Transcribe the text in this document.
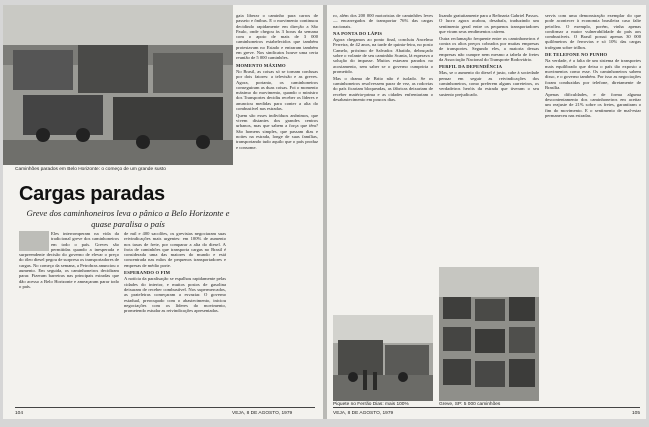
Caminhões parados em Belo Horizonte: o começo de um grande susto
Cargas paradas
Greve dos caminhoneiros leva o pânico a Belo Horizonte e quase paralisa o país

Eles interromperam na vida da tradicional greve dos caminhoneiros em todo o país. Greves são permitidas quando a inesperada e surpreendente decisão do governo de elevar o preço do óleo diesel pegou de surpresa os transportadores de cargas. No começo da semana, a Petrobras anunciou o aumento. Em seguida, os caminhoneiros decidiram parar. Fizeram barreiras nas principais estradas que dão acesso a Belo Horizonte e ameaçaram parar todo o país.

de mil e 400 sacolões, os grevistas negociaram suas reivindicações mais urgentes: em 100% de aumento nos taxas de frete, por comparar a alta do diesel. A frota de caminhões que transporta cargas no Brasil é considerada uma das maiores do mundo e está concentrada nas mãos de pequenos transportadores e empresas de médio porte.

ESPERANDO O FIM

A notícia da paralisação se espalhou rapidamente pelas cidades do interior, e muitos postos de gasolina deixaram de receber combustível. Nos supermercados, as prateleiras começaram a esvaziar. O governo estadual, preocupado com o abastecimento, iniciou negociações com os líderes do movimento, prometendo estudar as reivindicações apresentadas.

gaia liberar o caminho para carros de passeio e ônibus. E o movimento continuou decidindo rapidamente em direção a São Paulo, onde chegou às 3 horas da semana com o apoio de mais de 3 000 caminhoneiros estabelecidos que também protestavam no Estado e entraram também em greve. Nos sindicatos houve uma certa reunião de 5 000 caminhões.

MOMENTO MÁXIMO

No Brasil, as coisas só se tornam confusas por dois fatores: a televisão e as greves. Agora, portanto, os caminhoneiros conseguiram as duas coisas. Foi o momento máximo do movimento, quando o ministro dos Transportes decidiu receber os líderes e anunciou medidas para conter a alta do combustível nas estradas.

Quem são esses indivíduos anônimos, que vivem distantes dos grandes centros urbanos, mas que sabem a força que têm? São homens simples, que passam dias e noites na estrada, longe de suas famílias, transportando tudo aquilo que o país produz e consome.

104	VEJA, 8 DE AGOSTO, 1979

ro, além dos 200 000 motoristas de caminhões leves — encarregados de transportar 76% das cargas nacionais.

NA PONTA DO LÁPIS

Agora chegamos ao ponto final, concluiu Ancelmo Ferreira, de 42 anos, na tarde de quinta-feira, no posto Camelo, próximo de Salvador. Abatido, debruçado sobre o volante de seu caminhão Scania, lá esperava a solução do impasse. Muitos estavam parados no acostamento, sem saber se o governo cumpriria o prometido.

Mas o drama de Brito não é isolado. Se os caminhoneiros resolvessem parar de vez, as rodovias do país ficariam bloqueadas, as fábricas deixariam de receber matéria-prima e as cidades enfrentariam o desabastecimento em poucos dias.

lisando gratuitamente para a Refinaria Gabriel Passos. O lucro agora acabou, desabafa, traduzindo um sentimento geral entre os pequenos transportadores que viram seus rendimentos caírem.

Outra reclamação frequente entre os caminhoneiros é contra os altos preços cobrados por muitas empresas de transportes. Segundo eles, a maioria dessas empresas não cumpre nem mesmo a tabela de fretes da Associação Nacional do Transporte Rodoviário.

PERFIL DA DEPENDÊNCIA

Mas, se o aumento do diesel é justo, cabe à sociedade pensar em seguir as reivindicações dos caminhoneiros, como preferem alguns carreteiros, os verdadeiros heróis da estrada que tiveram o seu sustento prejudicado.

servis com uma demonstração exemplar do que pode acontecer à economia brasileira caso falte petróleo. O exemplo, porém, vinha apenas confirmar a maior vulnerabilidade do país aos combustíveis. O Brasil possui apenas 30 000 quilômetros de ferrovias e só 10% das cargas trafegam sobre trilhos.

DE TELEFONE NO PUNHO

Na verdade, é a falta de um sistema de transportes mais equilibrado que deixa o país tão exposto a movimentos como esse. Os caminhoneiros sabem disso, e o governo também. Por isso as negociações foram conduzidas por telefone, diretamente de Brasília.

Apenas dificuldades, e de forma alguma descontentamento dos caminhoneiros em aceitar um reajuste de 21% sobre os fretes, garantiram o fim do movimento. E o sentimento de mal-estar permaneceu nas estradas.

Piquete no Ferrão Dias: mais 100%	Greve, SP: 5 000 caminhões
VEJA, 8 DE AGOSTO, 1979	105
